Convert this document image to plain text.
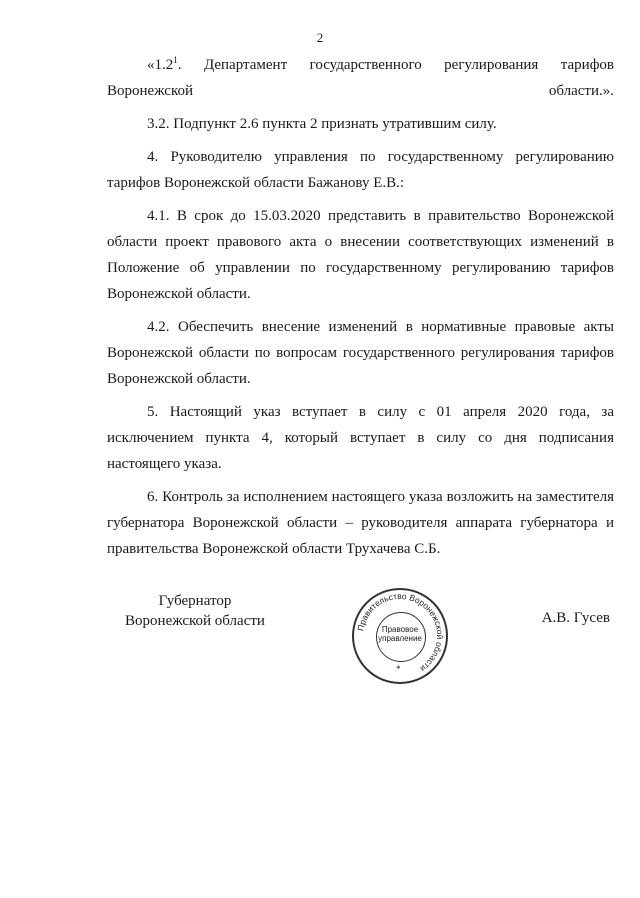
2

«$1.2^1$. Департамент государственного регулирования тарифов Воронежской области.».

3.2. Подпункт 2.6 пункта 2 признать утратившим силу.

4. Руководителю управления по государственному регулированию тарифов Воронежской области Бажанову Е.В.:

4.1. В срок до 15.03.2020 представить в правительство Воронежской области проект правового акта о внесении соответствующих изменений в Положение об управлении по государственному регулированию тарифов Воронежской области.

4.2. Обеспечить внесение изменений в нормативные правовые акты Воронежской области по вопросам государственного регулирования тарифов Воронежской области.

5. Настоящий указ вступает в силу с 01 апреля 2020 года, за исключением пункта 4, который вступает в силу со дня подписания настоящего указа.

6. Контроль за исполнением настоящего указа возложить на заместителя губернатора Воронежской области – руководителя аппарата губернатора и правительства Воронежской области Трухачева С.Б.

Губернатор
Воронежской области	Правительство Воронежской области
Правовое
управление
*
А.В. Гусев
